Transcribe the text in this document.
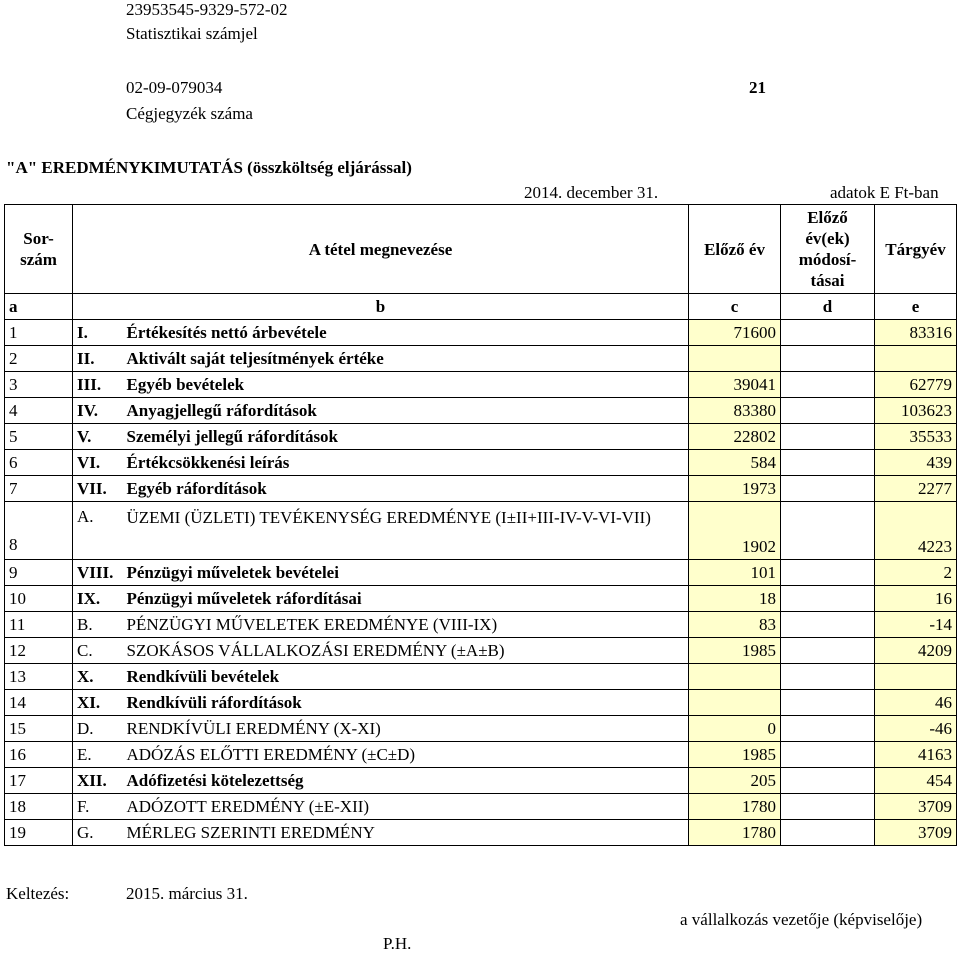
23953545-9329-572-02
Statisztikai számjel
02-09-079034	21
Cégjegyzék száma
"A" EREDMÉNYKIMUTATÁS (összköltség eljárással)
2014. december 31.	adatok E Ft-ban
Sor-szám	A tétel megnevezése		Előző év	Előző év(ek) módosí-tásai	Tárgyév
a	b		c	d	e
1	I.	Értékesítés nettó árbevétele	71600		83316
2	II.	Aktivált saját teljesítmények értéke			
3	III.	Egyéb bevételek	39041		62779
4	IV.	Anyagjellegű ráfordítások	83380		103623
5	V.	Személyi jellegű ráfordítások	22802		35533
6	VI.	Értékcsökkenési leírás	584		439
7	VII.	Egyéb ráfordítások	1973		2277
8	A.	ÜZEMI (ÜZLETI) TEVÉKENYSÉG EREDMÉNYE (I±II+III-IV-V-VI-VII)	1902		4223
9	VIII.	Pénzügyi műveletek bevételei	101		2
10	IX.	Pénzügyi műveletek ráfordításai	18		16
11	B.	PÉNZÜGYI MŰVELETEK EREDMÉNYE (VIII-IX)	83		-14
12	C.	SZOKÁSOS VÁLLALKOZÁSI EREDMÉNY (±A±B)	1985		4209
13	X.	Rendkívüli bevételek			
14	XI.	Rendkívüli ráfordítások			46
15	D.	RENDKÍVÜLI EREDMÉNY (X-XI)	0		-46
16	E.	ADÓZÁS ELŐTTI EREDMÉNY (±C±D)	1985		4163
17	XII.	Adófizetési kötelezettség	205		454
18	F.	ADÓZOTT EREDMÉNY (±E-XII)	1780		3709
19	G.	MÉRLEG SZERINTI EREDMÉNY	1780		3709
Keltezés:	2015. március 31.
a vállalkozás vezetője (képviselője)
P.H.
